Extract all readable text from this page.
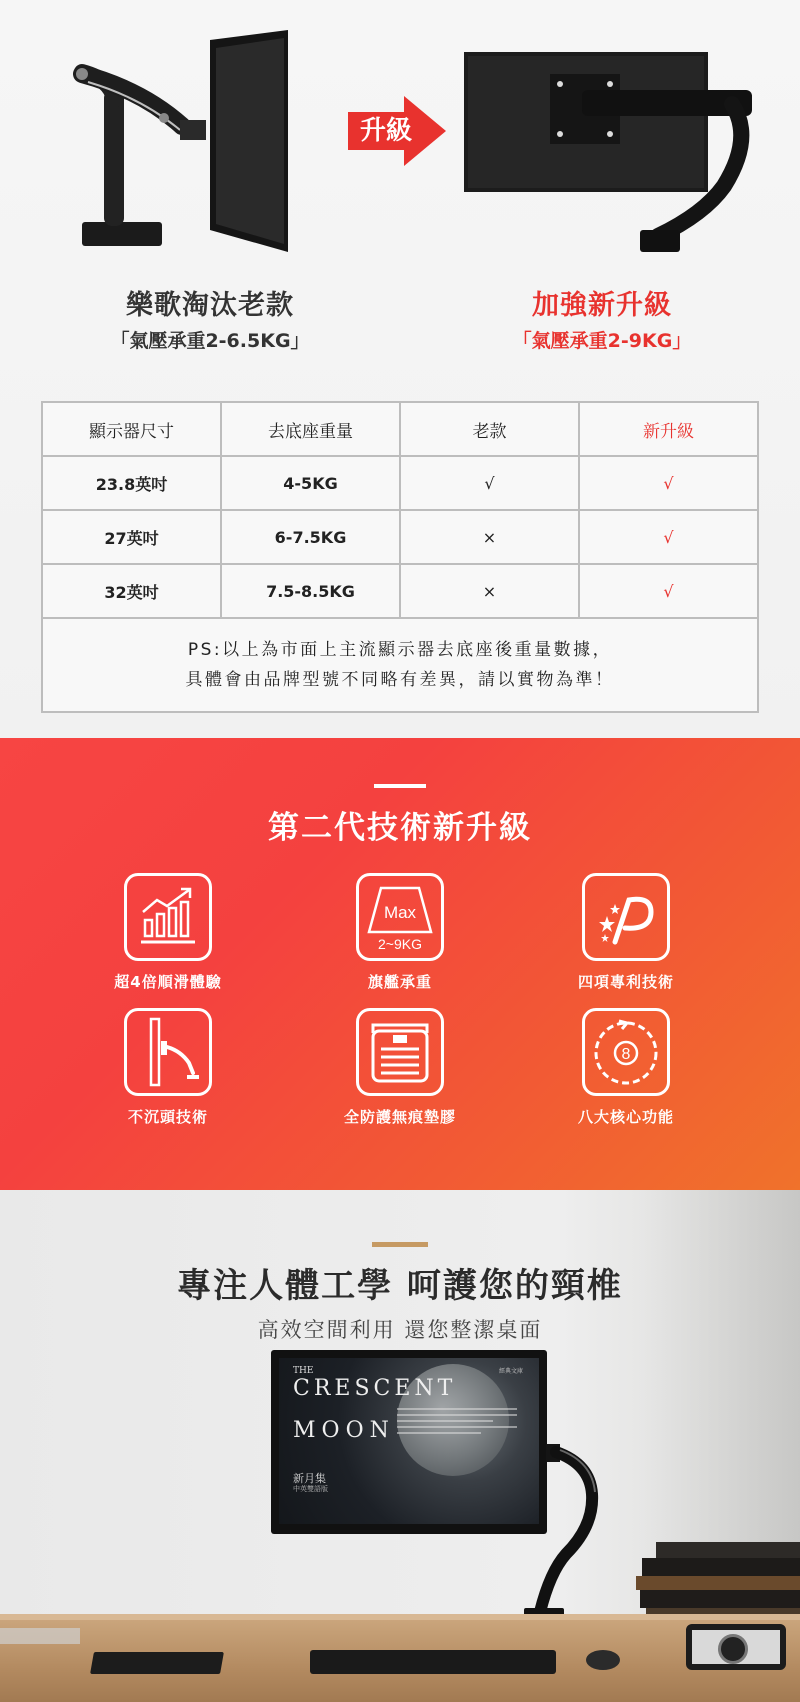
升級
樂歌淘汰老款
「氣壓承重2-6.5KG」
加強新升級
「氣壓承重2-9KG」
顯示器尺寸	去底座重量	老款	新升級
23.8英吋	4-5KG	√	√
27英吋	6-7.5KG	×	√
32英吋	7.5-8.5KG	×	√

PS:以上為市面上主流顯示器去底座後重量數據，
具體會由品牌型號不同略有差異，請以實物為準！			
第二代技術新升級
超4倍順滑體驗
Max
2~9KG
旗艦承重	四項專利技術
不沉頭技術	全防護無痕墊膠
8
八大核心功能
專注人體工學 呵護您的頸椎
高效空間利用 還您整潔桌面
THE
CRESCENT
MOON
經典文庫
新月集
中英雙語版
